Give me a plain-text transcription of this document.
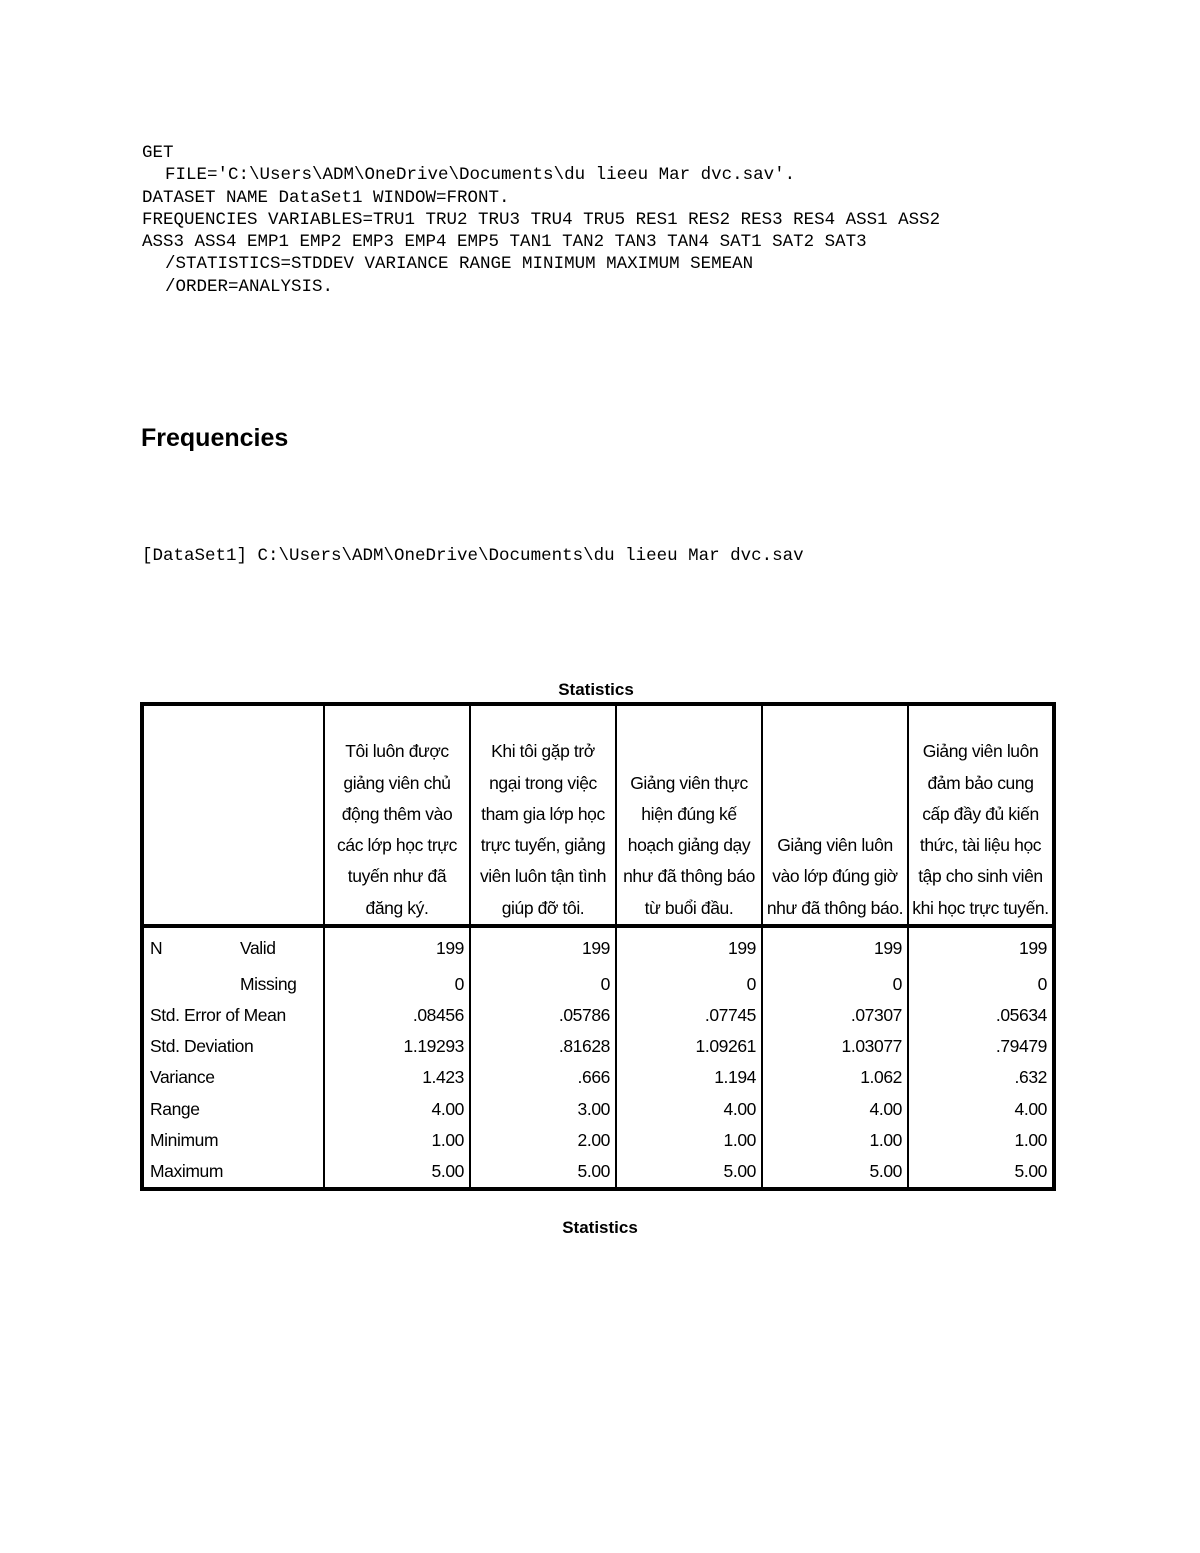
GET
FILE='C:\Users\ADM\OneDrive\Documents\du lieeu Mar dvc.sav'.
DATASET NAME DataSet1 WINDOW=FRONT.
FREQUENCIES VARIABLES=TRU1 TRU2 TRU3 TRU4 TRU5 RES1 RES2 RES3 RES4 ASS1 ASS2
ASS3 ASS4 EMP1 EMP2 EMP3 EMP4 EMP5 TAN1 TAN2 TAN3 TAN4 SAT1 SAT2 SAT3
/STATISTICS=STDDEV VARIANCE RANGE MINIMUM MAXIMUM SEMEAN
/ORDER=ANALYSIS.
Frequencies
[DataSet1] C:\Users\ADM\OneDrive\Documents\du lieeu Mar dvc.sav
Statistics
		Tôi luôn được giảng viên chủ động thêm vào các lớp học trực tuyến như đã đăng ký.	Khi tôi gặp trở ngại trong việc tham gia lớp học trực tuyến, giảng viên luôn tận tình giúp đỡ tôi.	Giảng viên thực hiện đúng kế hoạch giảng dạy như đã thông báo từ buổi đầu.	Giảng viên luôn vào lớp đúng giờ như đã thông báo.	Giảng viên luôn đảm bảo cung cấp đầy đủ kiến thức, tài liệu học tập cho sinh viên khi học trực tuyến.
N	Valid	199	199	199	199	199
	Missing	0	0	0	0	0
Std. Error of Mean		.08456	.05786	.07745	.07307	.05634
Std. Deviation		1.19293	.81628	1.09261	1.03077	.79479
Variance		1.423	.666	1.194	1.062	.632
Range		4.00	3.00	4.00	4.00	4.00
Minimum		1.00	2.00	1.00	1.00	1.00
Maximum		5.00	5.00	5.00	5.00	5.00
Statistics
